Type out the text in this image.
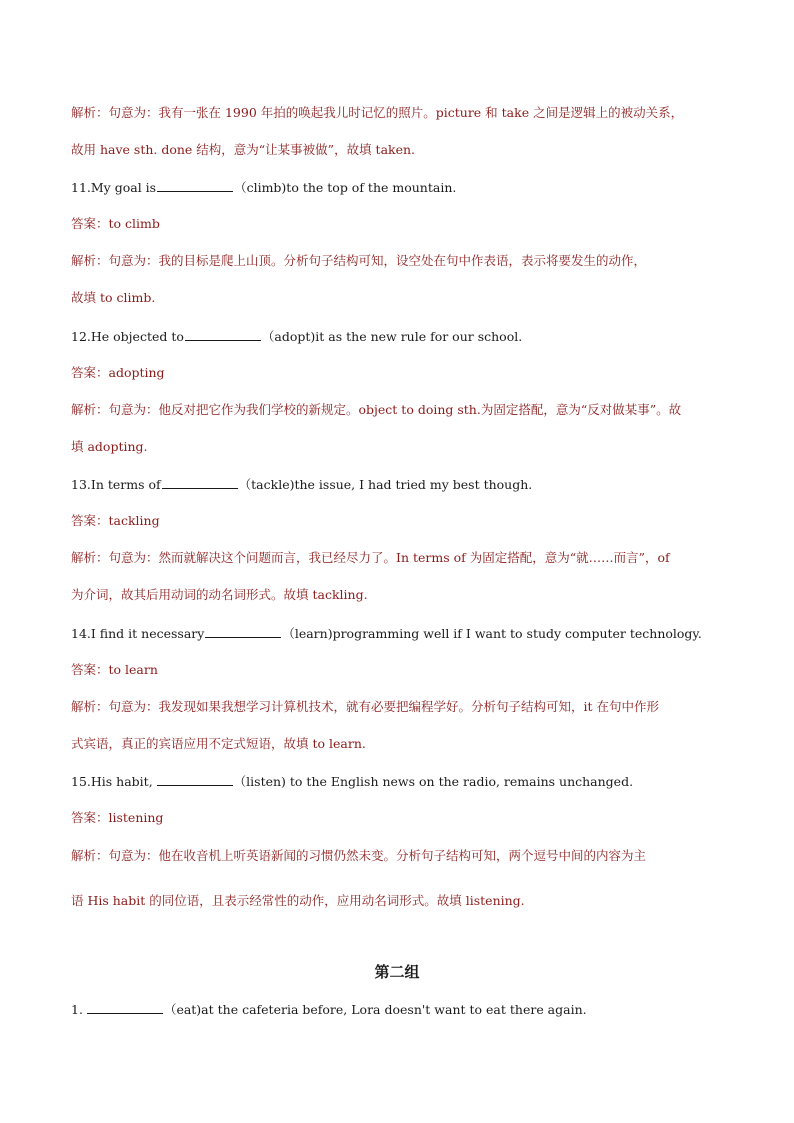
解析：句意为：我有一张在 1990 年拍的唤起我儿时记忆的照片。picture 和 take 之间是逻辑上的被动关系，
故用 have sth. done 结构，意为“让某事被做”，故填 taken.
11.My goal is	（climb)to the top of the mountain.
答案：to climb
解析：句意为：我的目标是爬上山顶。分析句子结构可知，设空处在句中作表语，表示将要发生的动作，
故填 to climb.
12.He objected to	（adopt)it as the new rule for our school.
答案：adopting
解析：句意为：他反对把它作为我们学校的新规定。object to doing sth.为固定搭配，意为“反对做某事”。故
填 adopting.
13.In terms of	（tackle)the issue, I had tried my best though.
答案：tackling
解析：句意为：然而就解决这个问题而言，我已经尽力了。In terms of 为固定搭配，意为“就……而言”，of
为介词，故其后用动词的动名词形式。故填 tackling.
14.I find it necessary	（learn)programming well if I want to study computer technology.
答案：to learn
解析：句意为：我发现如果我想学习计算机技术，就有必要把编程学好。分析句子结构可知，it 在句中作形
式宾语，真正的宾语应用不定式短语，故填 to learn.
15.His habit,	（listen) to the English news on the radio, remains unchanged.
答案：listening
解析：句意为：他在收音机上听英语新闻的习惯仍然未变。分析句子结构可知，两个逗号中间的内容为主
语 His habit 的同位语，且表示经常性的动作，应用动名词形式。故填 listening.
第二组
1.	（eat)at the cafeteria before, Lora doesn't want to eat there again.
